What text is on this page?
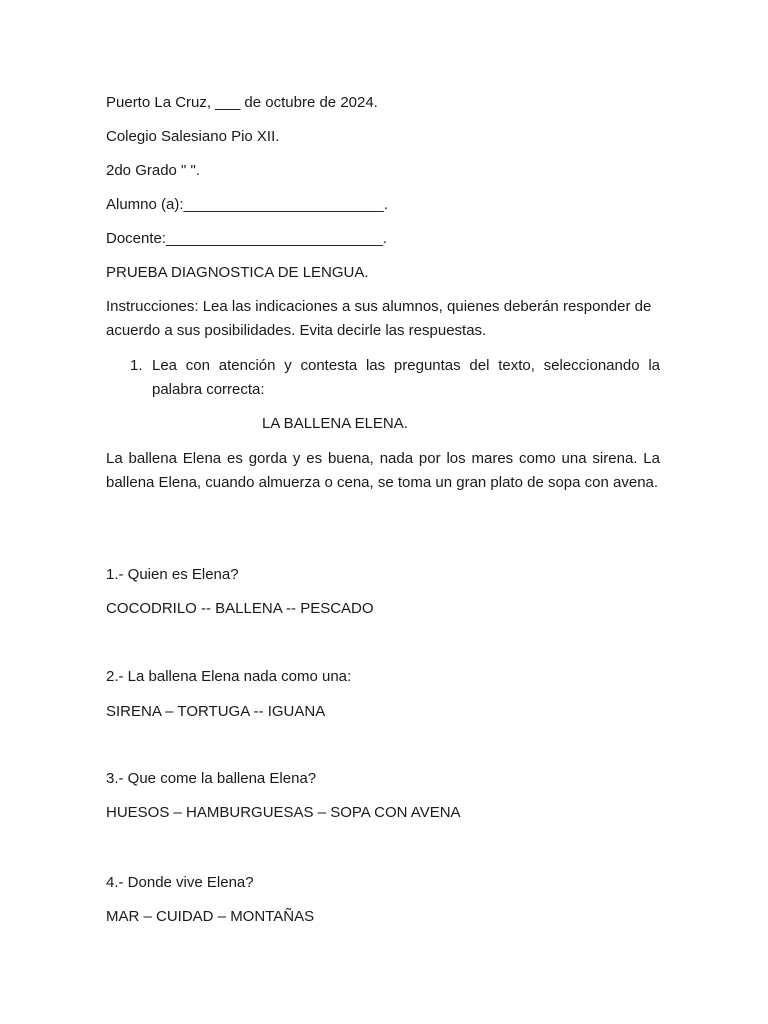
Puerto La Cruz, ___ de octubre de 2024.
Colegio Salesiano Pio XII.
2do Grado " ".
Alumno (a):________________________.
Docente:__________________________.
PRUEBA DIAGNOSTICA DE LENGUA.
Instrucciones: Lea las indicaciones a sus alumnos, quienes deberán responder de acuerdo a sus posibilidades. Evita decirle las respuestas.
1. Lea con atención y contesta las preguntas del texto, seleccionando la palabra correcta:
LA BALLENA ELENA.
La ballena Elena es gorda y es buena, nada por los mares como una sirena. La ballena Elena, cuando almuerza o cena, se toma un gran plato de sopa con avena.
1.- Quien es Elena?
COCODRILO -- BALLENA -- PESCADO
2.- La ballena Elena nada como una:
SIRENA – TORTUGA -- IGUANA
3.- Que come la ballena Elena?
HUESOS – HAMBURGUESAS – SOPA CON AVENA
4.- Donde vive Elena?
MAR – CUIDAD – MONTAÑAS
